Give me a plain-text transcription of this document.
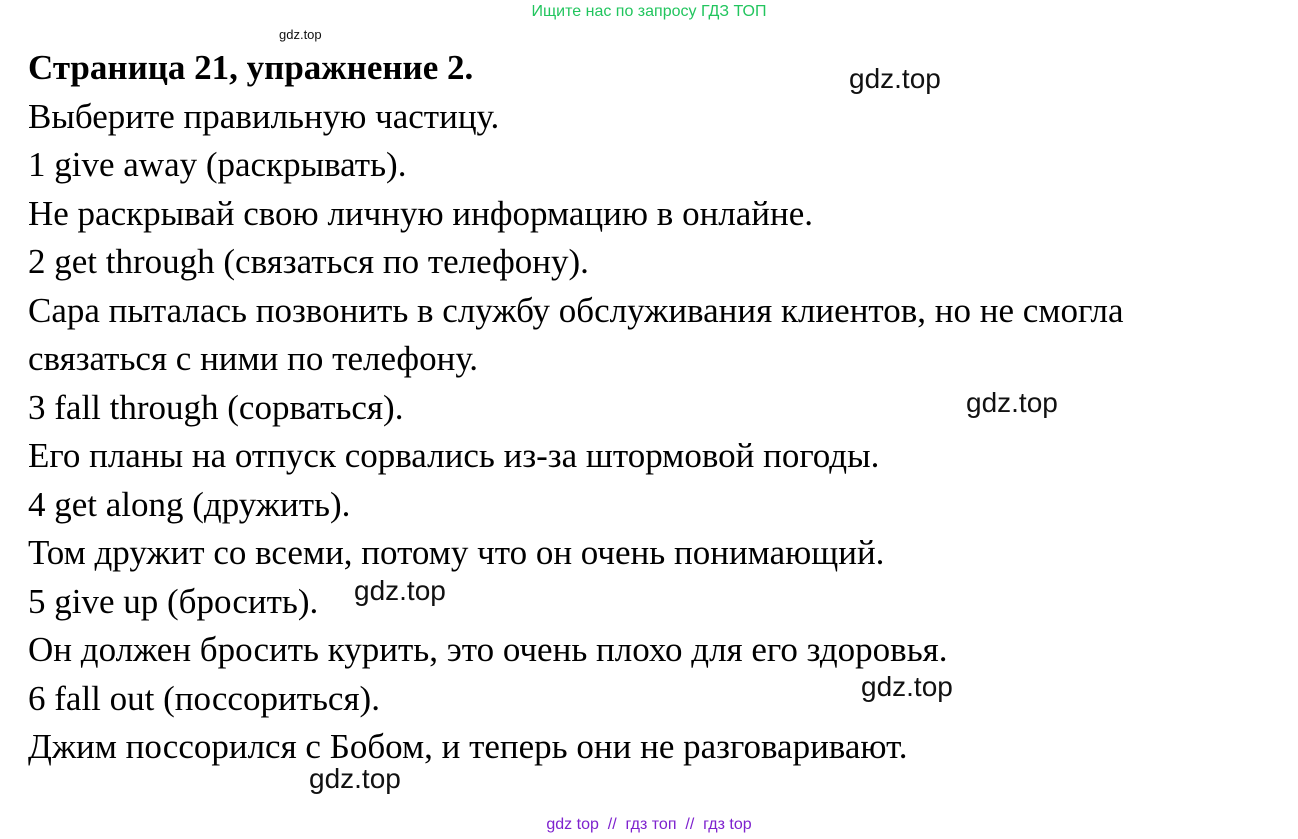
Ищите нас по запросу ГДЗ ТОП
Страница 21, упражнение 2.
Выберите правильную частицу.
1 give away (раскрывать).
Не раскрывай свою личную информацию в онлайне.
2 get through (связаться по телефону).
Сара пыталась позвонить в службу обслуживания клиентов, но не смогла
связаться с ними по телефону.
3 fall through (сорваться).
Его планы на отпуск сорвались из-за штормовой погоды.
4 get along (дружить).
Том дружит со всеми, потому что он очень понимающий.
5 give up (бросить).
Он должен бросить курить, это очень плохо для его здоровья.
6 fall out (поссориться).
Джим поссорился с Бобом, и теперь они не разговаривают.
gdz.top
gdz.top
gdz.top
gdz.top
gdz.top
gdz.top
gdz top  //  гдз топ  //  гдз top
